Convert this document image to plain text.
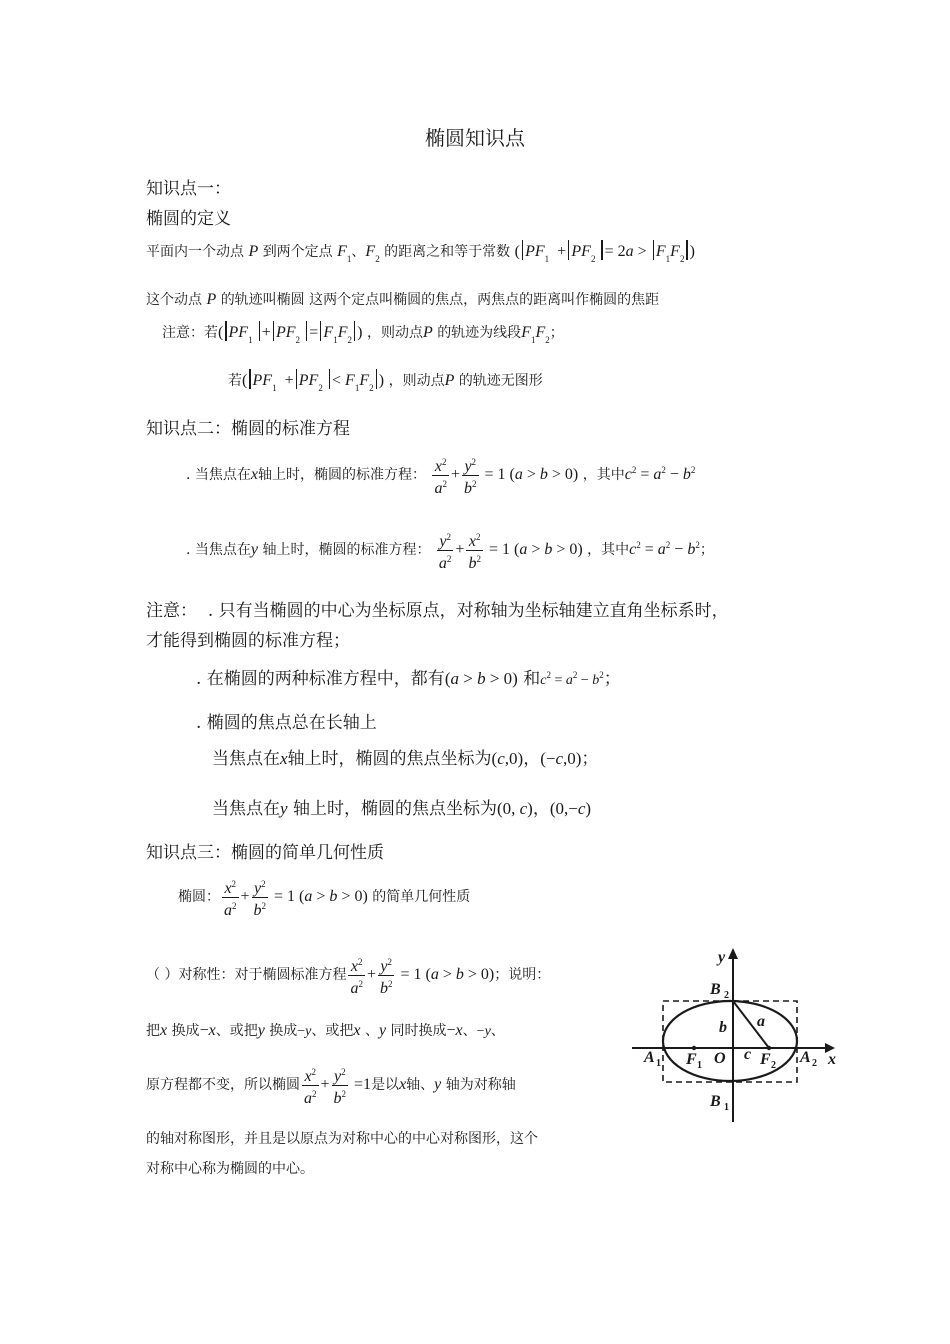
椭圆知识点
知识点一：
椭圆的定义
平面内一个动点 P 到两个定点 $F_1$、$F_2$ 的距离之和等于常数 ( $PF_1 + PF_2 = 2a > F_1F_2$ )
这个动点 P 的轨迹叫椭圆 这两个定点叫椭圆的焦点，两焦点的距离叫作椭圆的焦距
注意：若( $PF_1 + PF_2 = F_1F_2$ ) ，则动点P 的轨迹为线段$F_1F_2$；
若( $PF_1 + PF_2 < F_1F_2$ ) ，则动点P 的轨迹无图形
知识点二：椭圆的标准方程
. 当焦点在x轴上时，椭圆的标准方程： $\frac{x^2}{a^2} + \frac{y^2}{b^2} = 1$ (a > b > 0) ，其中$c^2 = a^2 - b^2$
. 当焦点在y 轴上时，椭圆的标准方程： $\frac{y^2}{a^2} + \frac{x^2}{b^2} = 1$ (a > b > 0) ，其中$c^2 = a^2 - b^2$；
注意： . 只有当椭圆的中心为坐标原点，对称轴为坐标轴建立直角坐标系时，
才能得到椭圆的标准方程；
. 在椭圆的两种标准方程中，都有(a > b > 0) 和$c^2 = a^2 - b^2$；
. 椭圆的焦点总在长轴上
当焦点在x轴上时，椭圆的焦点坐标为(c,0)，(−c,0)；
当焦点在y 轴上时，椭圆的焦点坐标为(0, c)，(0,−c)
知识点三：椭圆的简单几何性质
椭圆： $\frac{x^2}{a^2} + \frac{y^2}{b^2} = 1$ (a > b > 0) 的简单几何性质
（ ）对称性：对于椭圆标准方程 $\frac{x^2}{a^2} + \frac{y^2}{b^2} = 1$ (a > b > 0)；说明：
把x 换成−x、或把y 换成−y、或把x 、y 同时换成−x、−y、
原方程都不变，所以椭圆 $\frac{x^2}{a^2} + \frac{y^2}{b^2} =1$是以x轴、y 轴为对称轴
的轴对称图形，并且是以原点为对称中心的中心对称图形，这个
对称中心称为椭圆的中心。
y
x
B 2
B 1
A 1	A 2
F 1	F 2
O
b
c
a
